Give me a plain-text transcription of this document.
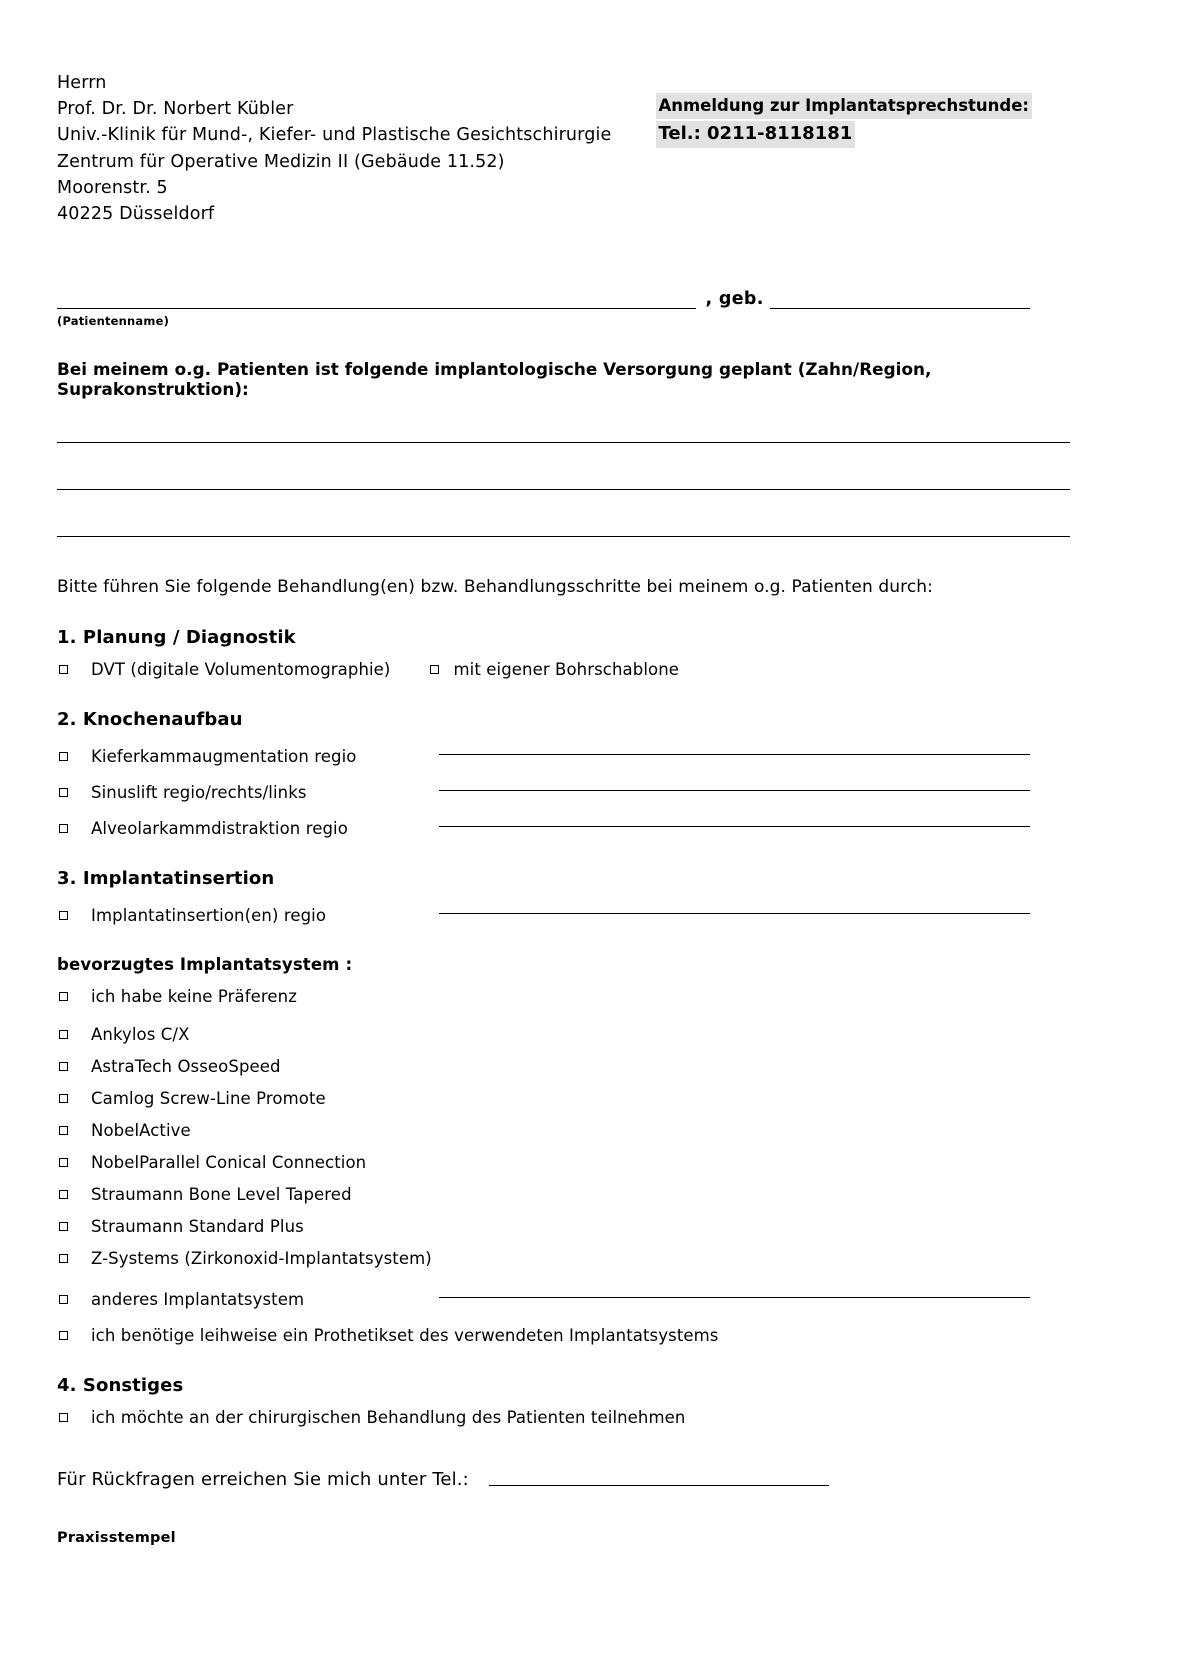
Herrn
Prof. Dr. Dr. Norbert Kübler
Univ.-Klinik für Mund-, Kiefer- und Plastische Gesichtschirurgie
Zentrum für Operative Medizin II (Gebäude 11.52)
Moorenstr. 5
40225 Düsseldorf
Anmeldung zur Implantatsprechstunde:
Tel.: 0211-8118181
, geb.
(Patientenname)
Bei meinem o.g. Patienten ist folgende implantologische Versorgung geplant (Zahn/Region, Suprakonstruktion):
Bitte führen Sie folgende Behandlung(en) bzw. Behandlungsschritte bei meinem o.g. Patienten durch:
1. Planung / Diagnostik
DVT (digitale Volumentomographie)	mit eigener Bohrschablone
2. Knochenaufbau
Kieferkammaugmentation regio
Sinuslift regio/rechts/links
Alveolarkammdistraktion regio
3. Implantatinsertion
Implantatinsertion(en) regio
bevorzugtes Implantatsystem :
ich habe keine Präferenz
Ankylos C/X
AstraTech OsseoSpeed
Camlog Screw-Line Promote
NobelActive
NobelParallel Conical Connection
Straumann Bone Level Tapered
Straumann Standard Plus
Z-Systems (Zirkonoxid-Implantatsystem)
anderes Implantatsystem
ich benötige leihweise ein Prothetikset des verwendeten Implantatsystems
4. Sonstiges
ich möchte an der chirurgischen Behandlung des Patienten teilnehmen
Für Rückfragen erreichen Sie mich unter Tel.:
Praxisstempel
